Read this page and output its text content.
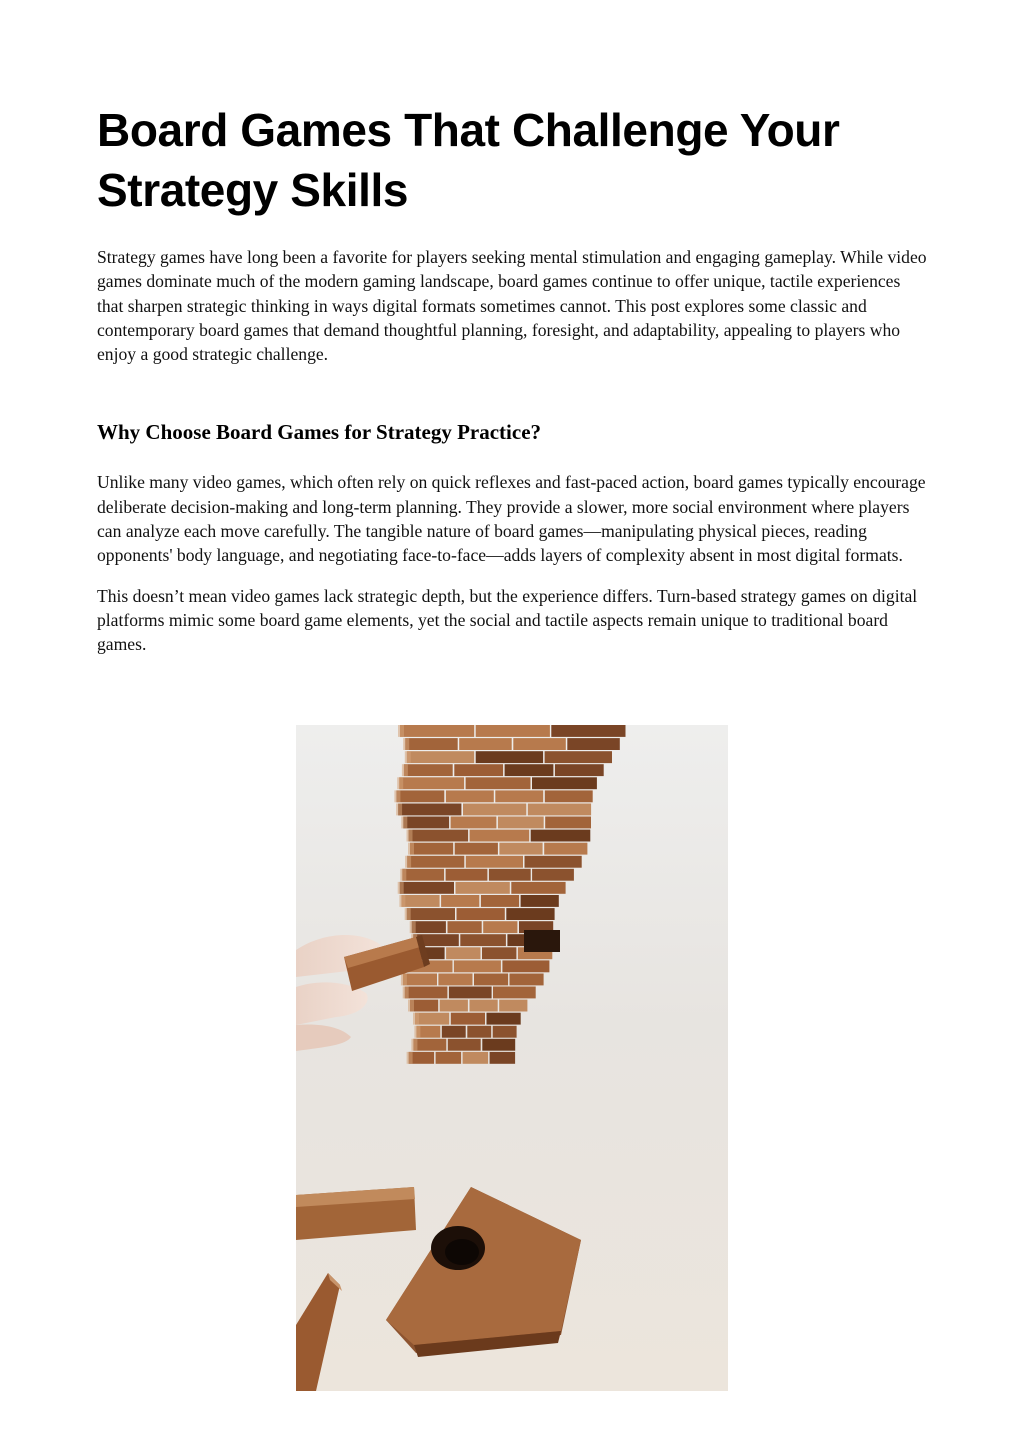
Board Games That Challenge Your Strategy Skills

Strategy games have long been a favorite for players seeking mental stimulation and engaging gameplay. While video games dominate much of the modern gaming landscape, board games continue to offer unique, tactile experiences that sharpen strategic thinking in ways digital formats sometimes cannot. This post explores some classic and contemporary board games that demand thoughtful planning, foresight, and adaptability, appealing to players who enjoy a good strategic challenge.

Why Choose Board Games for Strategy Practice?

Unlike many video games, which often rely on quick reflexes and fast-paced action, board games typically encourage deliberate decision-making and long-term planning. They provide a slower, more social environment where players can analyze each move carefully. The tangible nature of board games—manipulating physical pieces, reading opponents' body language, and negotiating face-to-face—adds layers of complexity absent in most digital formats.

This doesn’t mean video games lack strategic depth, but the experience differs. Turn-based strategy games on digital platforms mimic some board game elements, yet the social and tactile aspects remain unique to traditional board games.
